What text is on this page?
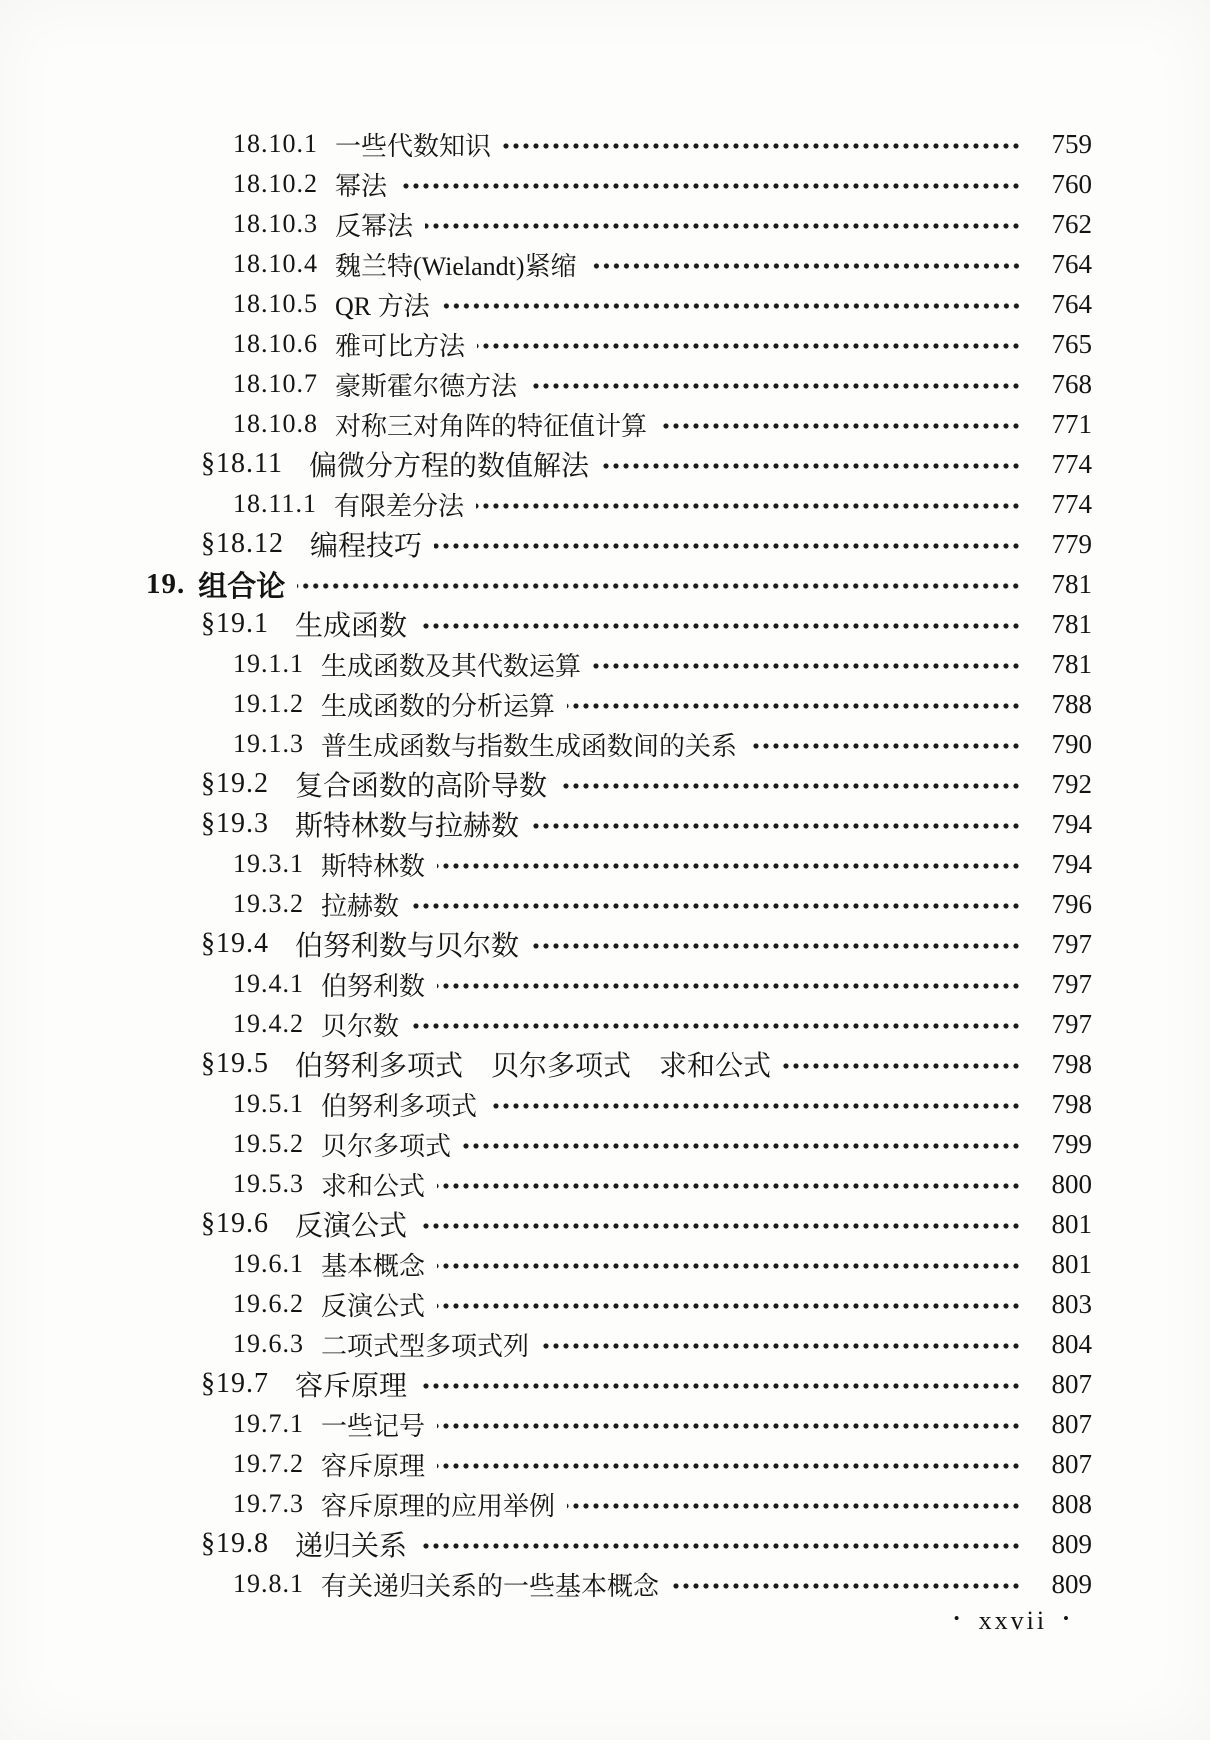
18.10.1 一些代数知识	759
18.10.2 幂法	760
18.10.3 反幂法	762
18.10.4 魏兰特(Wielandt)紧缩	764
18.10.5 QR 方法	764
18.10.6 雅可比方法	765
18.10.7 豪斯霍尔德方法	768
18.10.8 对称三对角阵的特征值计算	771
§18.11 偏微分方程的数值解法	774
18.11.1 有限差分法	774
§18.12 编程技巧	779
19. 组合论	781
§19.1 生成函数	781
19.1.1 生成函数及其代数运算	781
19.1.2 生成函数的分析运算	788
19.1.3 普生成函数与指数生成函数间的关系	790
§19.2 复合函数的高阶导数	792
§19.3 斯特林数与拉赫数	794
19.3.1 斯特林数	794
19.3.2 拉赫数	796
§19.4 伯努利数与贝尔数	797
19.4.1 伯努利数	797
19.4.2 贝尔数	797
§19.5 伯努利多项式　贝尔多项式　求和公式	798
19.5.1 伯努利多项式	798
19.5.2 贝尔多项式	799
19.5.3 求和公式	800
§19.6 反演公式	801
19.6.1 基本概念	801
19.6.2 反演公式	803
19.6.3 二项式型多项式列	804
§19.7 容斥原理	807
19.7.1 一些记号	807
19.7.2 容斥原理	807
19.7.3 容斥原理的应用举例	808
§19.8 递归关系	809
19.8.1 有关递归关系的一些基本概念	809
• xxvii •
